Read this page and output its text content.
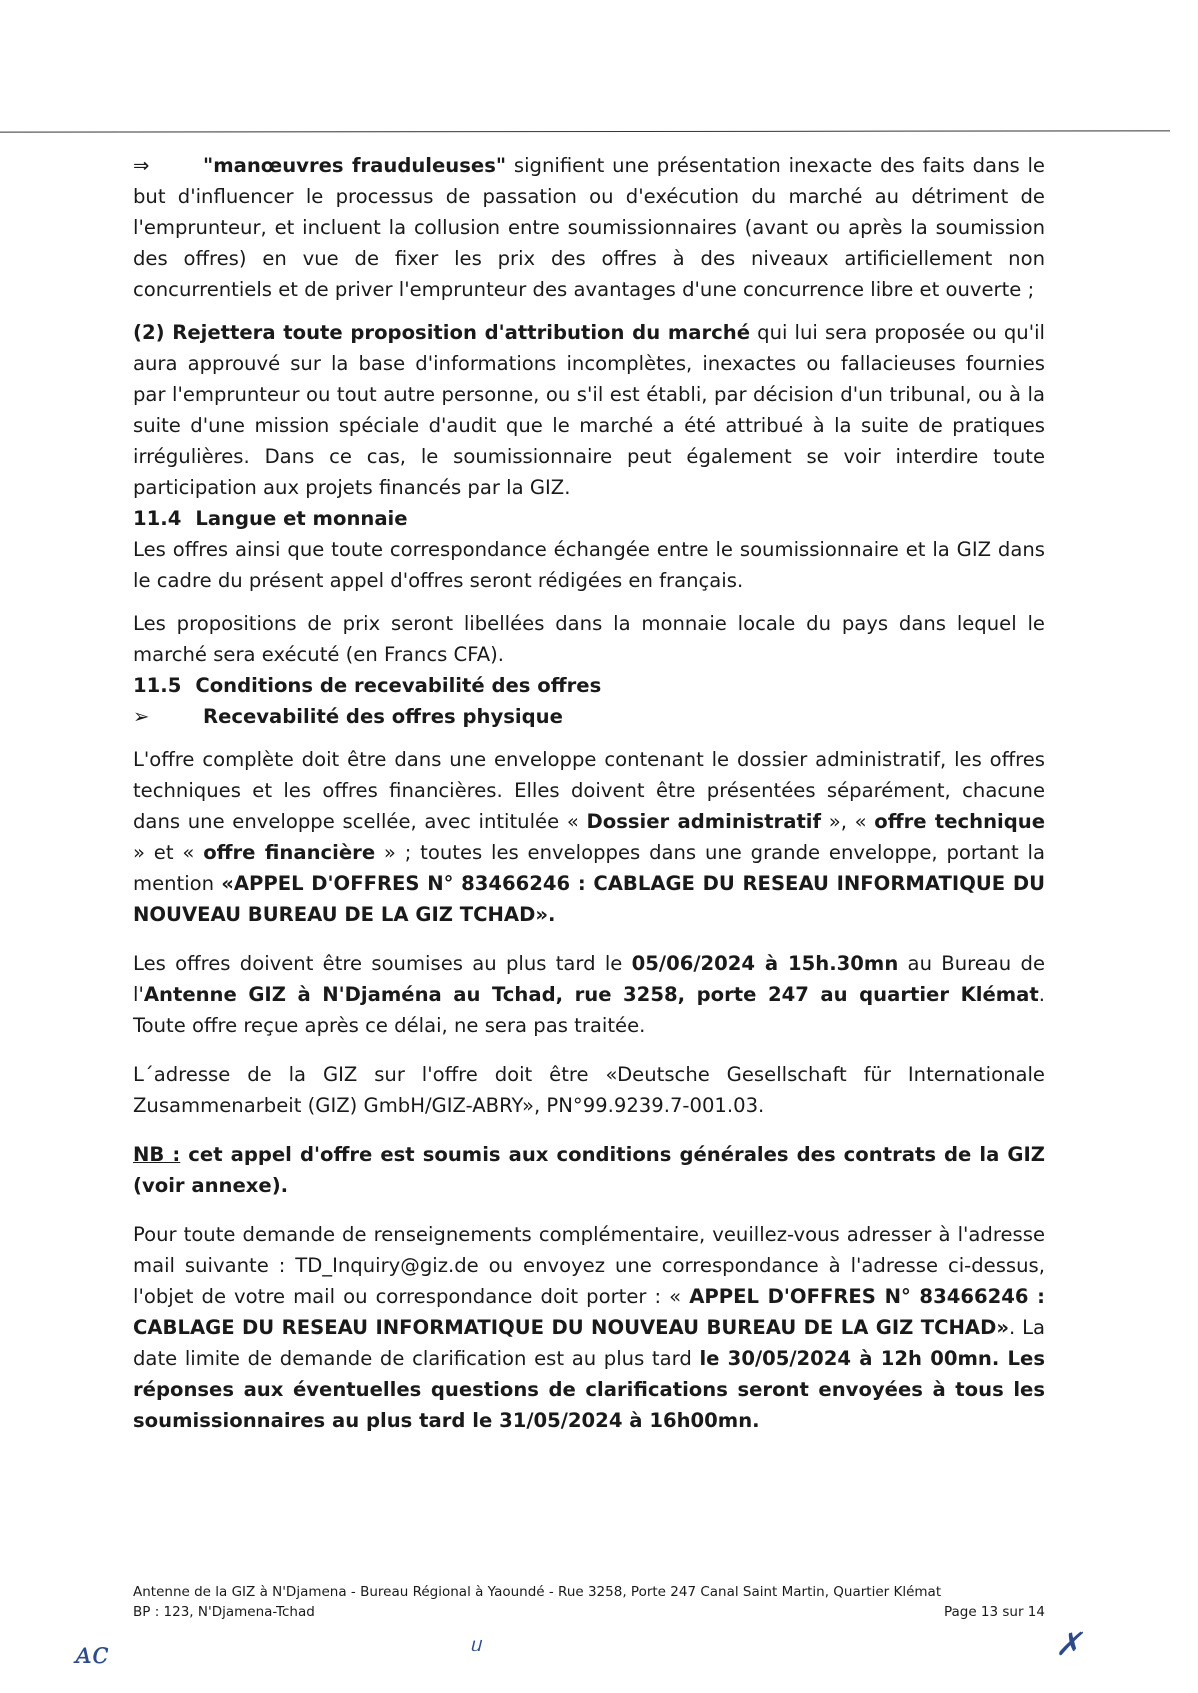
⇒	"manœuvres frauduleuses" signifient une présentation inexacte des faits dans le but d'influencer le processus de passation ou d'exécution du marché au détriment de l'emprunteur, et incluent la collusion entre soumissionnaires (avant ou après la soumission des offres) en vue de fixer les prix des offres à des niveaux artificiellement non concurrentiels et de priver l'emprunteur des avantages d'une concurrence libre et ouverte ;

(2) Rejettera toute proposition d'attribution du marché qui lui sera proposée ou qu'il aura approuvé sur la base d'informations incomplètes, inexactes ou fallacieuses fournies par l'emprunteur ou tout autre personne, ou s'il est établi, par décision d'un tribunal, ou à la suite d'une mission spéciale d'audit que le marché a été attribué à la suite de pratiques irrégulières. Dans ce cas, le soumissionnaire peut également se voir interdire toute participation aux projets financés par la GIZ.

11.4 Langue et monnaie

Les offres ainsi que toute correspondance échangée entre le soumissionnaire et la GIZ dans le cadre du présent appel d'offres seront rédigées en français.

Les propositions de prix seront libellées dans la monnaie locale du pays dans lequel le marché sera exécuté (en Francs CFA).

11.5 Conditions de recevabilité des offres

➢	Recevabilité des offres physique

L'offre complète doit être dans une enveloppe contenant le dossier administratif, les offres techniques et les offres financières. Elles doivent être présentées séparément, chacune dans une enveloppe scellée, avec intitulée « Dossier administratif », « offre technique » et « offre financière » ; toutes les enveloppes dans une grande enveloppe, portant la mention «APPEL D'OFFRES N° 83466246 : CABLAGE DU RESEAU INFORMATIQUE DU NOUVEAU BUREAU DE LA GIZ TCHAD».

Les offres doivent être soumises au plus tard le 05/06/2024 à 15h.30mn au Bureau de l'Antenne GIZ à N'Djaména au Tchad, rue 3258, porte 247 au quartier Klémat. Toute offre reçue après ce délai, ne sera pas traitée.

L´adresse de la GIZ sur l'offre doit être «Deutsche Gesellschaft für Internationale Zusammenarbeit (GIZ) GmbH/GIZ-ABRY», PN°99.9239.7-001.03.

NB : cet appel d'offre est soumis aux conditions générales des contrats de la GIZ (voir annexe).

Pour toute demande de renseignements complémentaire, veuillez-vous adresser à l'adresse mail suivante : TD_Inquiry@giz.de ou envoyez une correspondance à l'adresse ci-dessus, l'objet de votre mail ou correspondance doit porter : « APPEL D'OFFRES N° 83466246 : CABLAGE DU RESEAU INFORMATIQUE DU NOUVEAU BUREAU DE LA GIZ TCHAD». La date limite de demande de clarification est au plus tard le 30/05/2024 à 12h 00mn. Les réponses aux éventuelles questions de clarifications seront envoyées à tous les soumissionnaires au plus tard le 31/05/2024 à 16h00mn.

Antenne de la GIZ à N'Djamena - Bureau Régional à Yaoundé - Rue 3258, Porte 247 Canal Saint Martin, Quartier Klémat
BP : 123, N'Djamena-Tchad	Page 13 sur 14
ᴀϲ	ᥙ	✗
